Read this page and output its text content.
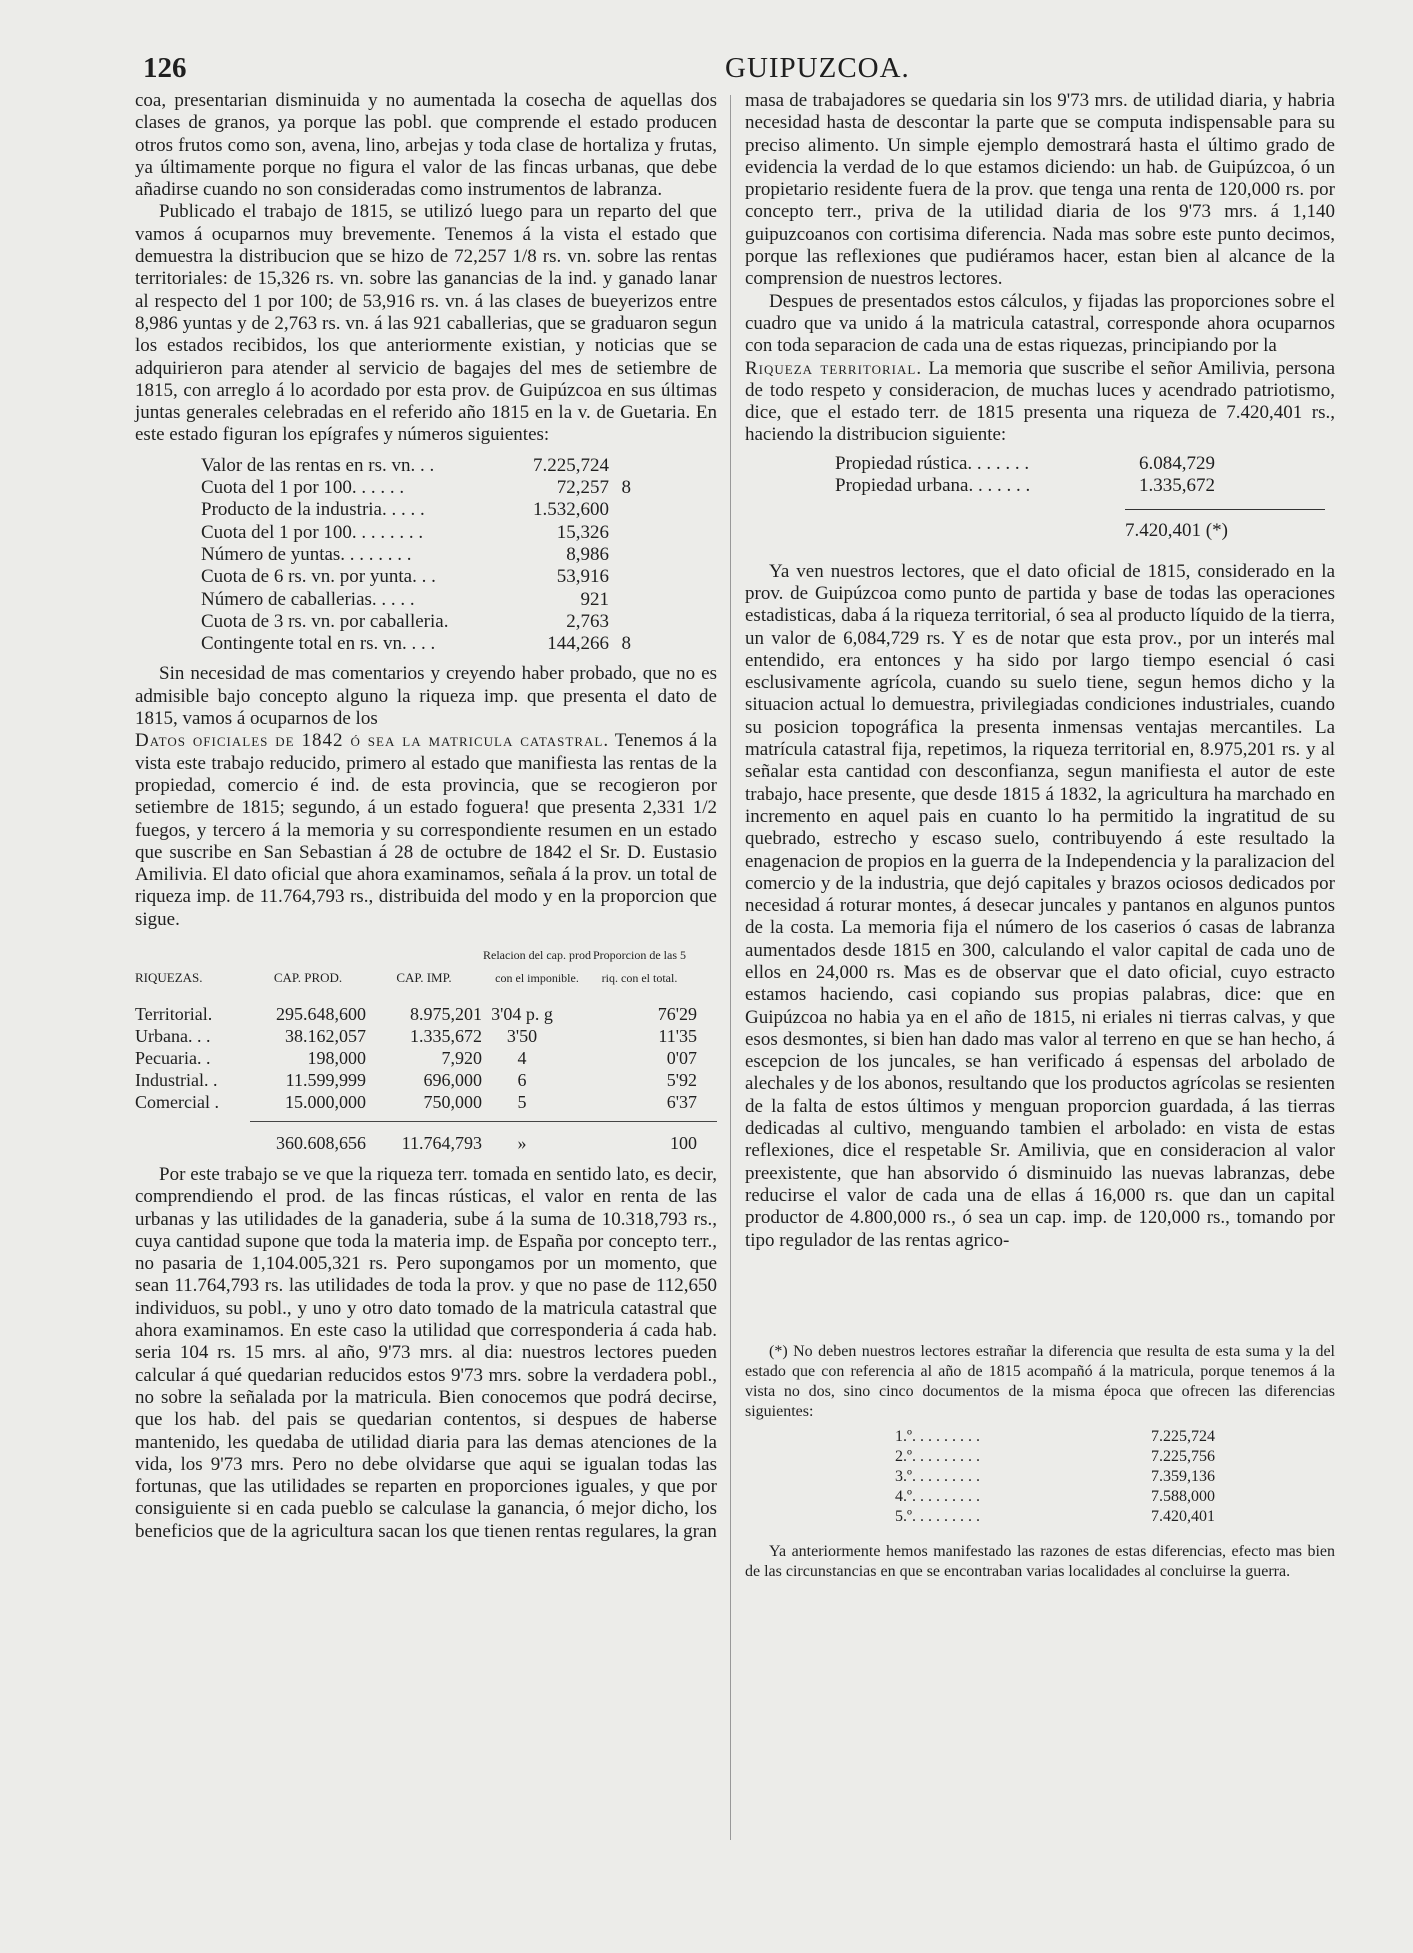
126	GUIPUZCOA.

coa, presentarian disminuida y no aumentada la cosecha de aquellas dos clases de granos, ya porque las pobl. que comprende el estado producen otros frutos como son, avena, lino, arbejas y toda clase de hortaliza y frutas, ya últimamente porque no figura el valor de las fincas urbanas, que debe añadirse cuando no son consideradas como instrumentos de labranza.

Publicado el trabajo de 1815, se utilizó luego para un reparto del que vamos á ocuparnos muy brevemente. Tenemos á la vista el estado que demuestra la distribucion que se hizo de 72,257 1/8 rs. vn. sobre las rentas territoriales: de 15,326 rs. vn. sobre las ganancias de la ind. y ganado lanar al respecto del 1 por 100; de 53,916 rs. vn. á las clases de bueyerizos entre 8,986 yuntas y de 2,763 rs. vn. á las 921 caballerias, que se graduaron segun los estados recibidos, los que anteriormente existian, y noticias que se adquirieron para atender al servicio de bagajes del mes de setiembre de 1815, con arreglo á lo acordado por esta prov. de Guipúzcoa en sus últimas juntas generales celebradas en el referido año 1815 en la v. de Guetaria. En este estado figuran los epígrafes y números siguientes:

Valor de las rentas en rs. vn. . .	7.225,724
Cuota del 1 por 100. . . . . .	72,257 8
Producto de la industria. . . . .	1.532,600
Cuota del 1 por 100. . . . . . . .	15,326
Número de yuntas. . . . . . . .	8,986
Cuota de 6 rs. vn. por yunta. . .	53,916
Número de caballerias. . . . .	921
Cuota de 3 rs. vn. por caballeria.	2,763
Contingente total en rs. vn. . . .	144,266 8

Sin necesidad de mas comentarios y creyendo haber probado, que no es admisible bajo concepto alguno la riqueza imp. que presenta el dato de 1815, vamos á ocuparnos de los

Datos oficiales de 1842 ó sea la matricula catastral. Tenemos á la vista este trabajo reducido, primero al estado que manifiesta las rentas de la propiedad, comercio é ind. de esta provincia, que se recogieron por setiembre de 1815; segundo, á un estado foguera! que presenta 2,331 1/2 fuegos, y tercero á la memoria y su correspondiente resumen en un estado que suscribe en San Sebastian á 28 de octubre de 1842 el Sr. D. Eustasio Amilivia. El dato oficial que ahora examinamos, señala á la prov. un total de riqueza imp. de 11.764,793 rs., distribuida del modo y en la proporcion que sigue.

RIQUEZAS.	CAP. PROD.	CAP. IMP.
Relacion del cap. prod con el imponible.
Proporcion de las 5 riq. con el total.
Territorial.	295.648,600	8.975,201 3'04 p. g	76'29
Urbana. . .	38.162,057	1.335,672	3'50	11'35
Pecuaria. .	198,000	7,920	4	0'07
Industrial. .	11.599,999	696,000	6	5'92
Comercial .	15.000,000	750,000	5	6'37
360.608,656	11.764,793	»	100

Por este trabajo se ve que la riqueza terr. tomada en sentido lato, es decir, comprendiendo el prod. de las fincas rústicas, el valor en renta de las urbanas y las utilidades de la ganaderia, sube á la suma de 10.318,793 rs., cuya cantidad supone que toda la materia imp. de España por concepto terr., no pasaria de 1,104.005,321 rs. Pero supongamos por un momento, que sean 11.764,793 rs. las utilidades de toda la prov. y que no pase de 112,650 individuos, su pobl., y uno y otro dato tomado de la matricula catastral que ahora examinamos. En este caso la utilidad que corresponderia á cada hab. seria 104 rs. 15 mrs. al año, 9'73 mrs. al dia: nuestros lectores pueden calcular á qué quedarian reducidos estos 9'73 mrs. sobre la verdadera pobl., no sobre la señalada por la matricula. Bien conocemos que podrá decirse, que los hab. del pais se quedarian contentos, si despues de haberse mantenido, les quedaba de utilidad diaria para las demas atenciones de la vida, los 9'73 mrs. Pero no debe olvidarse que aqui se igualan todas las fortunas, que las utilidades se reparten en proporciones iguales, y que por consiguiente si en cada pueblo se calculase la ganancia, ó mejor dicho, los beneficios que de la agricultura sacan los que tienen rentas regulares, la gran

masa de trabajadores se quedaria sin los 9'73 mrs. de utilidad diaria, y habria necesidad hasta de descontar la parte que se computa indispensable para su preciso alimento. Un simple ejemplo demostrará hasta el último grado de evidencia la verdad de lo que estamos diciendo: un hab. de Guipúzcoa, ó un propietario residente fuera de la prov. que tenga una renta de 120,000 rs. por concepto terr., priva de la utilidad diaria de los 9'73 mrs. á 1,140 guipuzcoanos con cortisima diferencia. Nada mas sobre este punto decimos, porque las reflexiones que pudiéramos hacer, estan bien al alcance de la comprension de nuestros lectores.

Despues de presentados estos cálculos, y fijadas las proporciones sobre el cuadro que va unido á la matricula catastral, corresponde ahora ocuparnos con toda separacion de cada una de estas riquezas, principiando por la

Riqueza territorial. La memoria que suscribe el señor Amilivia, persona de todo respeto y consideracion, de muchas luces y acendrado patriotismo, dice, que el estado terr. de 1815 presenta una riqueza de 7.420,401 rs., haciendo la distribucion siguiente:

Propiedad rústica. . . . . . .	6.084,729
Propiedad urbana. . . . . . .	1.335,672
7.420,401 (*)

Ya ven nuestros lectores, que el dato oficial de 1815, considerado en la prov. de Guipúzcoa como punto de partida y base de todas las operaciones estadisticas, daba á la riqueza territorial, ó sea al producto líquido de la tierra, un valor de 6,084,729 rs. Y es de notar que esta prov., por un interés mal entendido, era entonces y ha sido por largo tiempo esencial ó casi esclusivamente agrícola, cuando su suelo tiene, segun hemos dicho y la situacion actual lo demuestra, privilegiadas condiciones industriales, cuando su posicion topográfica la presenta inmensas ventajas mercantiles. La matrícula catastral fija, repetimos, la riqueza territorial en, 8.975,201 rs. y al señalar esta cantidad con desconfianza, segun manifiesta el autor de este trabajo, hace presente, que desde 1815 á 1832, la agricultura ha marchado en incremento en aquel pais en cuanto lo ha permitido la ingratitud de su quebrado, estrecho y escaso suelo, contribuyendo á este resultado la enagenacion de propios en la guerra de la Independencia y la paralizacion del comercio y de la industria, que dejó capitales y brazos ociosos dedicados por necesidad á roturar montes, á desecar juncales y pantanos en algunos puntos de la costa. La memoria fija el número de los caserios ó casas de labranza aumentados desde 1815 en 300, calculando el valor capital de cada uno de ellos en 24,000 rs. Mas es de observar que el dato oficial, cuyo estracto estamos haciendo, casi copiando sus propias palabras, dice: que en Guipúzcoa no habia ya en el año de 1815, ni eriales ni tierras calvas, y que esos desmontes, si bien han dado mas valor al terreno en que se han hecho, á escepcion de los juncales, se han verificado á espensas del arbolado de alechales y de los abonos, resultando que los productos agrícolas se resienten de la falta de estos últimos y menguan proporcion guardada, á las tierras dedicadas al cultivo, menguando tambien el arbolado: en vista de estas reflexiones, dice el respetable Sr. Amilivia, que en consideracion al valor preexistente, que han absorvido ó disminuido las nuevas labranzas, debe reducirse el valor de cada una de ellas á 16,000 rs. que dan un capital productor de 4.800,000 rs., ó sea un cap. imp. de 120,000 rs., tomando por tipo regulador de las rentas agrico-

(*) No deben nuestros lectores estrañar la diferencia que resulta de esta suma y la del estado que con referencia al año de 1815 acompañó á la matricula, porque tenemos á la vista no dos, sino cinco documentos de la misma época que ofrecen las diferencias siguientes:

1.º. . . . . . . . .	7.225,724
2.º. . . . . . . . .	7.225,756
3.º. . . . . . . . .	7.359,136
4.º. . . . . . . . .	7.588,000
5.º. . . . . . . . .	7.420,401

Ya anteriormente hemos manifestado las razones de estas diferencias, efecto mas bien de las circunstancias en que se encontraban varias localidades al concluirse la guerra.
